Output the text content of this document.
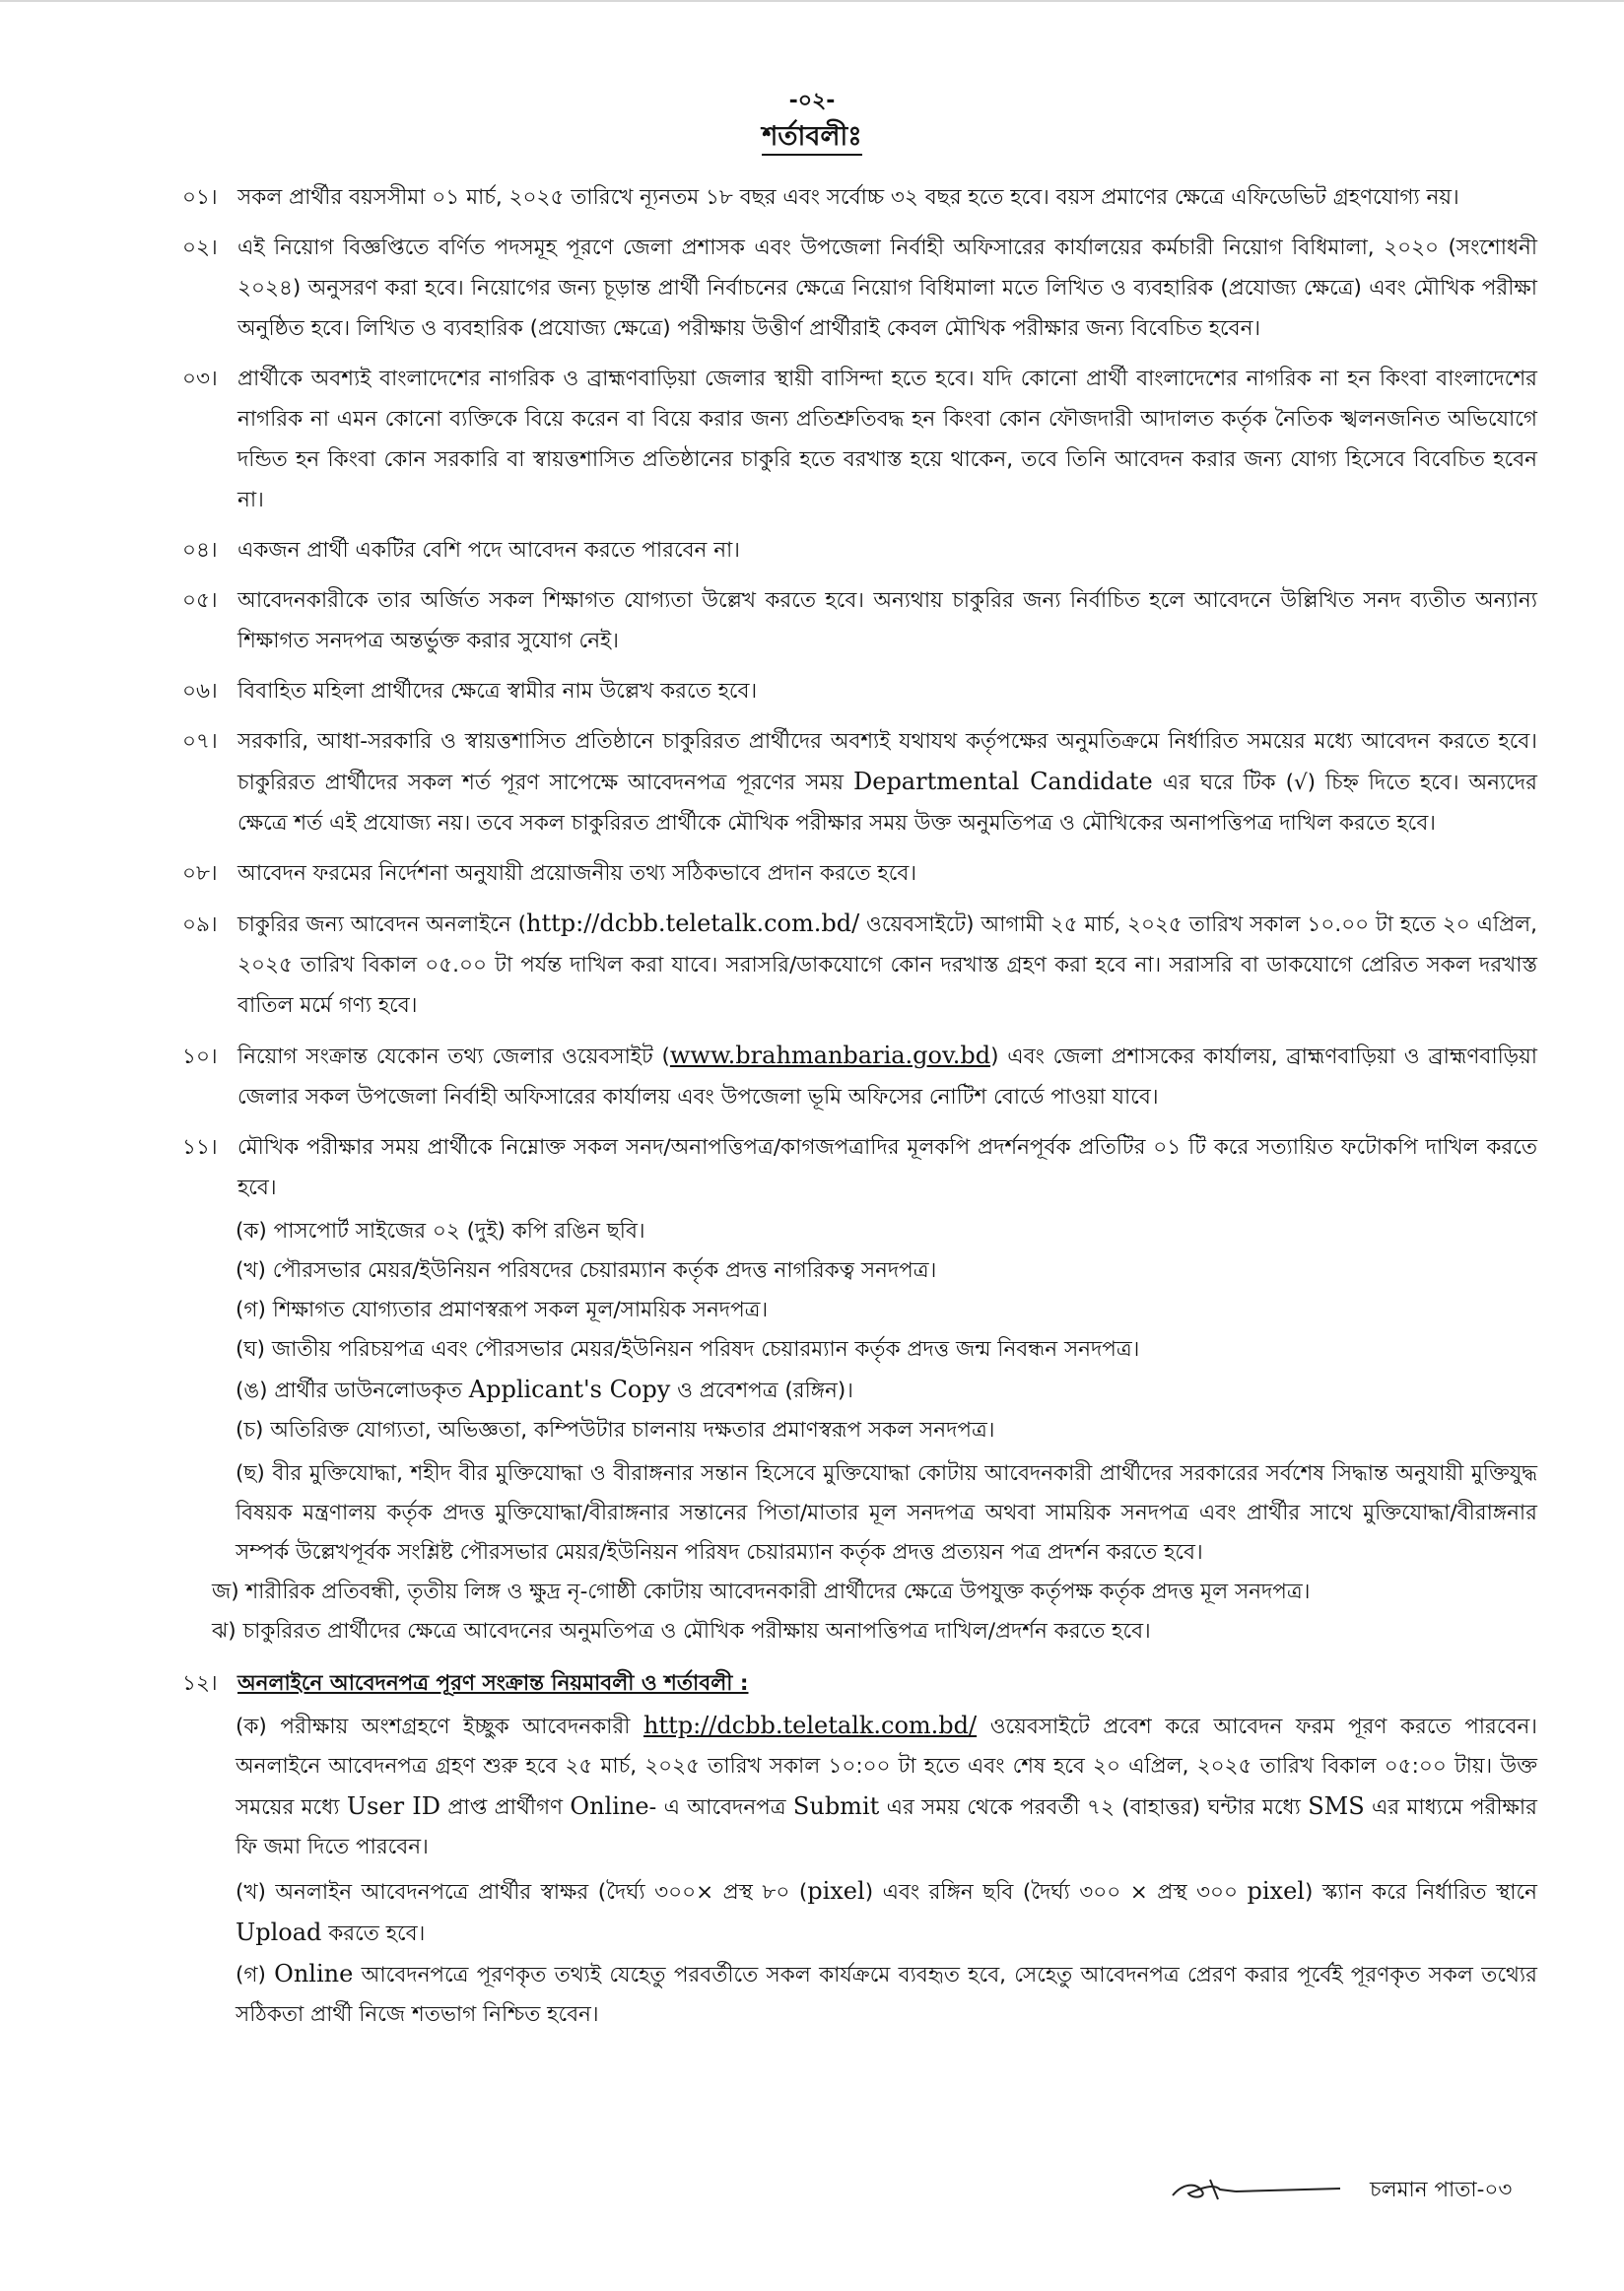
-০২-
শর্তাবলীঃ
০১। সকল প্রার্থীর বয়সসীমা ০১ মার্চ, ২০২৫ তারিখে ন্যূনতম ১৮ বছর এবং সর্বোচ্চ ৩২ বছর হতে হবে। বয়স প্রমাণের ক্ষেত্রে এফিডেভিট গ্রহণযোগ্য নয়।
০২। এই নিয়োগ বিজ্ঞপ্তিতে বর্ণিত পদসমূহ পূরণে জেলা প্রশাসক এবং উপজেলা নির্বাহী অফিসারের কার্যালয়ের কর্মচারী নিয়োগ বিধিমালা, ২০২০ (সংশোধনী ২০২৪) অনুসরণ করা হবে। নিয়োগের জন্য চূড়ান্ত প্রার্থী নির্বাচনের ক্ষেত্রে নিয়োগ বিধিমালা মতে লিখিত ও ব্যবহারিক (প্রযোজ্য ক্ষেত্রে) এবং মৌখিক পরীক্ষা অনুষ্ঠিত হবে। লিখিত ও ব্যবহারিক (প্রযোজ্য ক্ষেত্রে) পরীক্ষায় উত্তীর্ণ প্রার্থীরাই কেবল মৌখিক পরীক্ষার জন্য বিবেচিত হবেন।
০৩। প্রার্থীকে অবশ্যই বাংলাদেশের নাগরিক ও ব্রাহ্মণবাড়িয়া জেলার স্থায়ী বাসিন্দা হতে হবে। যদি কোনো প্রার্থী বাংলাদেশের নাগরিক না হন কিংবা বাংলাদেশের নাগরিক না এমন কোনো ব্যক্তিকে বিয়ে করেন বা বিয়ে করার জন্য প্রতিশ্রুতিবদ্ধ হন কিংবা কোন ফৌজদারী আদালত কর্তৃক নৈতিক স্খলনজনিত অভিযোগে দন্ডিত হন কিংবা কোন সরকারি বা স্বায়ত্তশাসিত প্রতিষ্ঠানের চাকুরি হতে বরখাস্ত হয়ে থাকেন, তবে তিনি আবেদন করার জন্য যোগ্য হিসেবে বিবেচিত হবেন না।
০৪। একজন প্রার্থী একটির বেশি পদে আবেদন করতে পারবেন না।
০৫। আবেদনকারীকে তার অর্জিত সকল শিক্ষাগত যোগ্যতা উল্লেখ করতে হবে। অন্যথায় চাকুরির জন্য নির্বাচিত হলে আবেদনে উল্লিখিত সনদ ব্যতীত অন্যান্য শিক্ষাগত সনদপত্র অন্তর্ভুক্ত করার সুযোগ নেই।
০৬। বিবাহিত মহিলা প্রার্থীদের ক্ষেত্রে স্বামীর নাম উল্লেখ করতে হবে।
০৭। সরকারি, আধা-সরকারি ও স্বায়ত্তশাসিত প্রতিষ্ঠানে চাকুরিরত প্রার্থীদের অবশ্যই যথাযথ কর্তৃপক্ষের অনুমতিক্রমে নির্ধারিত সময়ের মধ্যে আবেদন করতে হবে। চাকুরিরত প্রার্থীদের সকল শর্ত পূরণ সাপেক্ষে আবেদনপত্র পূরণের সময় Departmental Candidate এর ঘরে টিক (√) চিহ্ন দিতে হবে। অন্যদের ক্ষেত্রে শর্ত এই প্রযোজ্য নয়। তবে সকল চাকুরিরত প্রার্থীকে মৌখিক পরীক্ষার সময় উক্ত অনুমতিপত্র ও মৌখিকের অনাপত্তিপত্র দাখিল করতে হবে।
০৮। আবেদন ফরমের নির্দেশনা অনুযায়ী প্রয়োজনীয় তথ্য সঠিকভাবে প্রদান করতে হবে।
০৯। চাকুরির জন্য আবেদন অনলাইনে (http://dcbb.teletalk.com.bd/ ওয়েবসাইটে) আগামী ২৫ মার্চ, ২০২৫ তারিখ সকাল ১০.০০ টা হতে ২০ এপ্রিল, ২০২৫ তারিখ বিকাল ০৫.০০ টা পর্যন্ত দাখিল করা যাবে। সরাসরি/ডাকযোগে কোন দরখাস্ত গ্রহণ করা হবে না। সরাসরি বা ডাকযোগে প্রেরিত সকল দরখাস্ত বাতিল মর্মে গণ্য হবে।
১০। নিয়োগ সংক্রান্ত যেকোন তথ্য জেলার ওয়েবসাইট (www.brahmanbaria.gov.bd) এবং জেলা প্রশাসকের কার্যালয়, ব্রাহ্মণবাড়িয়া ও ব্রাহ্মণবাড়িয়া জেলার সকল উপজেলা নির্বাহী অফিসারের কার্যালয় এবং উপজেলা ভূমি অফিসের নোটিশ বোর্ডে পাওয়া যাবে।
১১। মৌখিক পরীক্ষার সময় প্রার্থীকে নিম্নোক্ত সকল সনদ/অনাপত্তিপত্র/কাগজপত্রাদির মূলকপি প্রদর্শনপূর্বক প্রতিটির ০১ টি করে সত্যায়িত ফটোকপি দাখিল করতে হবে।
(ক) পাসপোর্ট সাইজের ০২ (দুই) কপি রঙিন ছবি।
(খ) পৌরসভার মেয়র/ইউনিয়ন পরিষদের চেয়ারম্যান কর্তৃক প্রদত্ত নাগরিকত্ব সনদপত্র।
(গ) শিক্ষাগত যোগ্যতার প্রমাণস্বরূপ সকল মূল/সাময়িক সনদপত্র।
(ঘ) জাতীয় পরিচয়পত্র এবং পৌরসভার মেয়র/ইউনিয়ন পরিষদ চেয়ারম্যান কর্তৃক প্রদত্ত জন্ম নিবন্ধন সনদপত্র।
(ঙ) প্রার্থীর ডাউনলোডকৃত Applicant's Copy ও প্রবেশপত্র (রঙ্গিন)।
(চ) অতিরিক্ত যোগ্যতা, অভিজ্ঞতা, কম্পিউটার চালনায় দক্ষতার প্রমাণস্বরূপ সকল সনদপত্র।
(ছ) বীর মুক্তিযোদ্ধা, শহীদ বীর মুক্তিযোদ্ধা ও বীরাঙ্গনার সন্তান হিসেবে মুক্তিযোদ্ধা কোটায় আবেদনকারী প্রার্থীদের সরকারের সর্বশেষ সিদ্ধান্ত অনুযায়ী মুক্তিযুদ্ধ বিষয়ক মন্ত্রণালয় কর্তৃক প্রদত্ত মুক্তিযোদ্ধা/বীরাঙ্গনার সন্তানের পিতা/মাতার মূল সনদপত্র অথবা সাময়িক সনদপত্র এবং প্রার্থীর সাথে মুক্তিযোদ্ধা/বীরাঙ্গনার সম্পর্ক উল্লেখপূর্বক সংশ্লিষ্ট পৌরসভার মেয়র/ইউনিয়ন পরিষদ চেয়ারম্যান কর্তৃক প্রদত্ত প্রত্যয়ন পত্র প্রদর্শন করতে হবে।
জ) শারীরিক প্রতিবন্ধী, তৃতীয় লিঙ্গ ও ক্ষুদ্র নৃ-গোষ্ঠী কোটায় আবেদনকারী প্রার্থীদের ক্ষেত্রে উপযুক্ত কর্তৃপক্ষ কর্তৃক প্রদত্ত মূল সনদপত্র।
ঝ) চাকুরিরত প্রার্থীদের ক্ষেত্রে আবেদনের অনুমতিপত্র ও মৌখিক পরীক্ষায় অনাপত্তিপত্র দাখিল/প্রদর্শন করতে হবে।
১২। অনলাইনে আবেদনপত্র পূরণ সংক্রান্ত নিয়মাবলী ও শর্তাবলী :
(ক) পরীক্ষায় অংশগ্রহণে ইচ্ছুক আবেদনকারী http://dcbb.teletalk.com.bd/ ওয়েবসাইটে প্রবেশ করে আবেদন ফরম পূরণ করতে পারবেন। অনলাইনে আবেদনপত্র গ্রহণ শুরু হবে ২৫ মার্চ, ২০২৫ তারিখ সকাল ১০:০০ টা হতে এবং শেষ হবে ২০ এপ্রিল, ২০২৫ তারিখ বিকাল ০৫:০০ টায়। উক্ত সময়ের মধ্যে User ID প্রাপ্ত প্রার্থীগণ Online- এ আবেদনপত্র Submit এর সময় থেকে পরবর্তী ৭২ (বাহাত্তর) ঘন্টার মধ্যে SMS এর মাধ্যমে পরীক্ষার ফি জমা দিতে পারবেন।
(খ) অনলাইন আবেদনপত্রে প্রার্থীর স্বাক্ষর (দৈর্ঘ্য ৩০০× প্রস্থ ৮০ (pixel) এবং রঙ্গিন ছবি (দৈর্ঘ্য ৩০০ × প্রস্থ ৩০০ pixel) স্ক্যান করে নির্ধারিত স্থানে Upload করতে হবে।
(গ) Online আবেদনপত্রে পূরণকৃত তথ্যই যেহেতু পরবর্তীতে সকল কার্যক্রমে ব্যবহৃত হবে, সেহেতু আবেদনপত্র প্রেরণ করার পূর্বেই পূরণকৃত সকল তথ্যের সঠিকতা প্রার্থী নিজে শতভাগ নিশ্চিত হবেন।
চলমান পাতা-০৩
